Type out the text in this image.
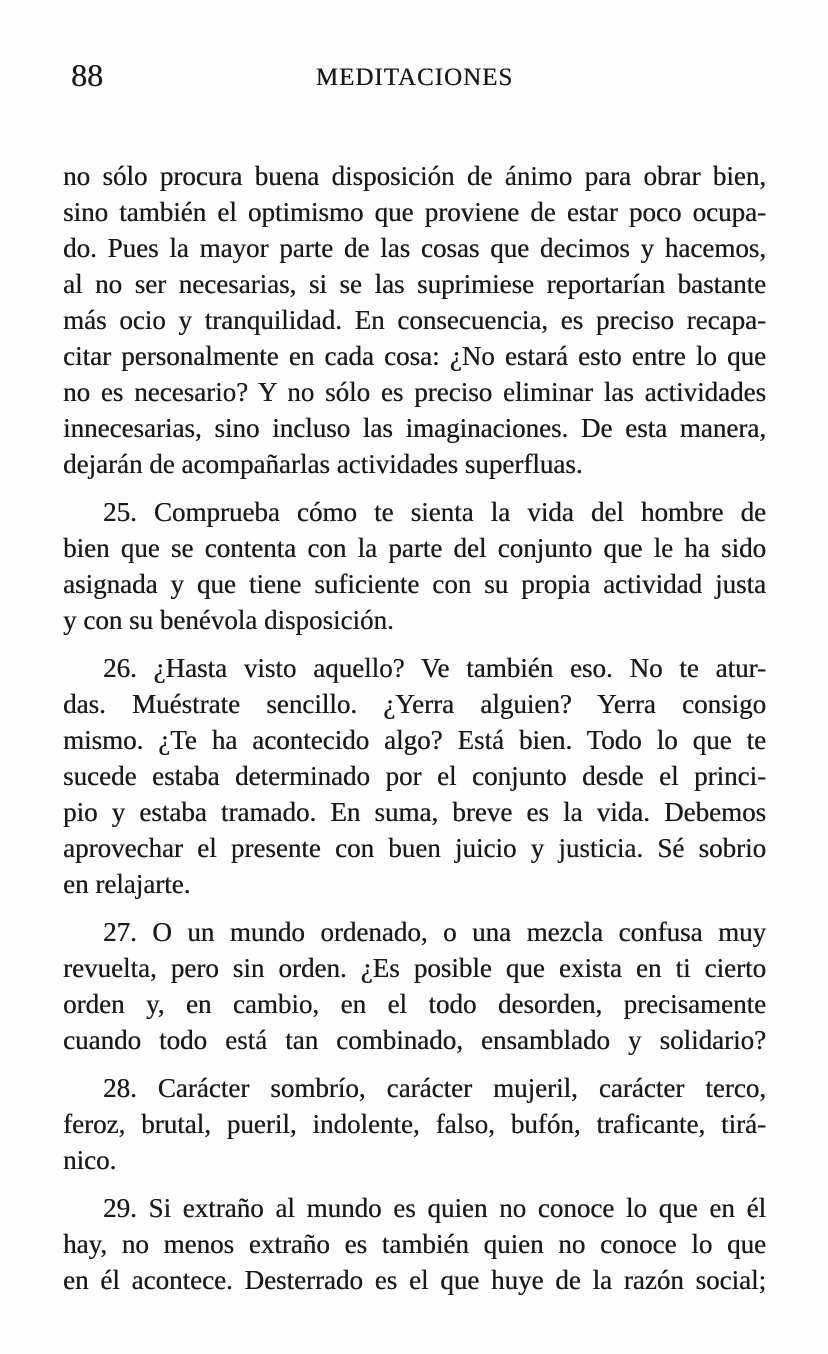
88	MEDITACIONES
no sólo procura buena disposición de ánimo para obrar bien,
sino también el optimismo que proviene de estar poco ocupa-
do. Pues la mayor parte de las cosas que decimos y hacemos,
al no ser necesarias, si se las suprimiese reportarían bastante
más ocio y tranquilidad. En consecuencia, es preciso recapa-
citar personalmente en cada cosa: ¿No estará esto entre lo que
no es necesario? Y no sólo es preciso eliminar las actividades
innecesarias, sino incluso las imaginaciones. De esta manera,
dejarán de acompañarlas actividades superfluas.
25. Comprueba cómo te sienta la vida del hombre de
bien que se contenta con la parte del conjunto que le ha sido
asignada y que tiene suficiente con su propia actividad justa
y con su benévola disposición.
26. ¿Hasta visto aquello? Ve también eso. No te atur-
das. Muéstrate sencillo. ¿Yerra alguien? Yerra consigo
mismo. ¿Te ha acontecido algo? Está bien. Todo lo que te
sucede estaba determinado por el conjunto desde el princi-
pio y estaba tramado. En suma, breve es la vida. Debemos
aprovechar el presente con buen juicio y justicia. Sé sobrio
en relajarte.
27. O un mundo ordenado, o una mezcla confusa muy
revuelta, pero sin orden. ¿Es posible que exista en ti cierto
orden y, en cambio, en el todo desorden, precisamente
cuando todo está tan combinado, ensamblado y solidario?
28. Carácter sombrío, carácter mujeril, carácter terco,
feroz, brutal, pueril, indolente, falso, bufón, traficante, tirá-
nico.
29. Si extraño al mundo es quien no conoce lo que en él
hay, no menos extraño es también quien no conoce lo que
en él acontece. Desterrado es el que huye de la razón social;
